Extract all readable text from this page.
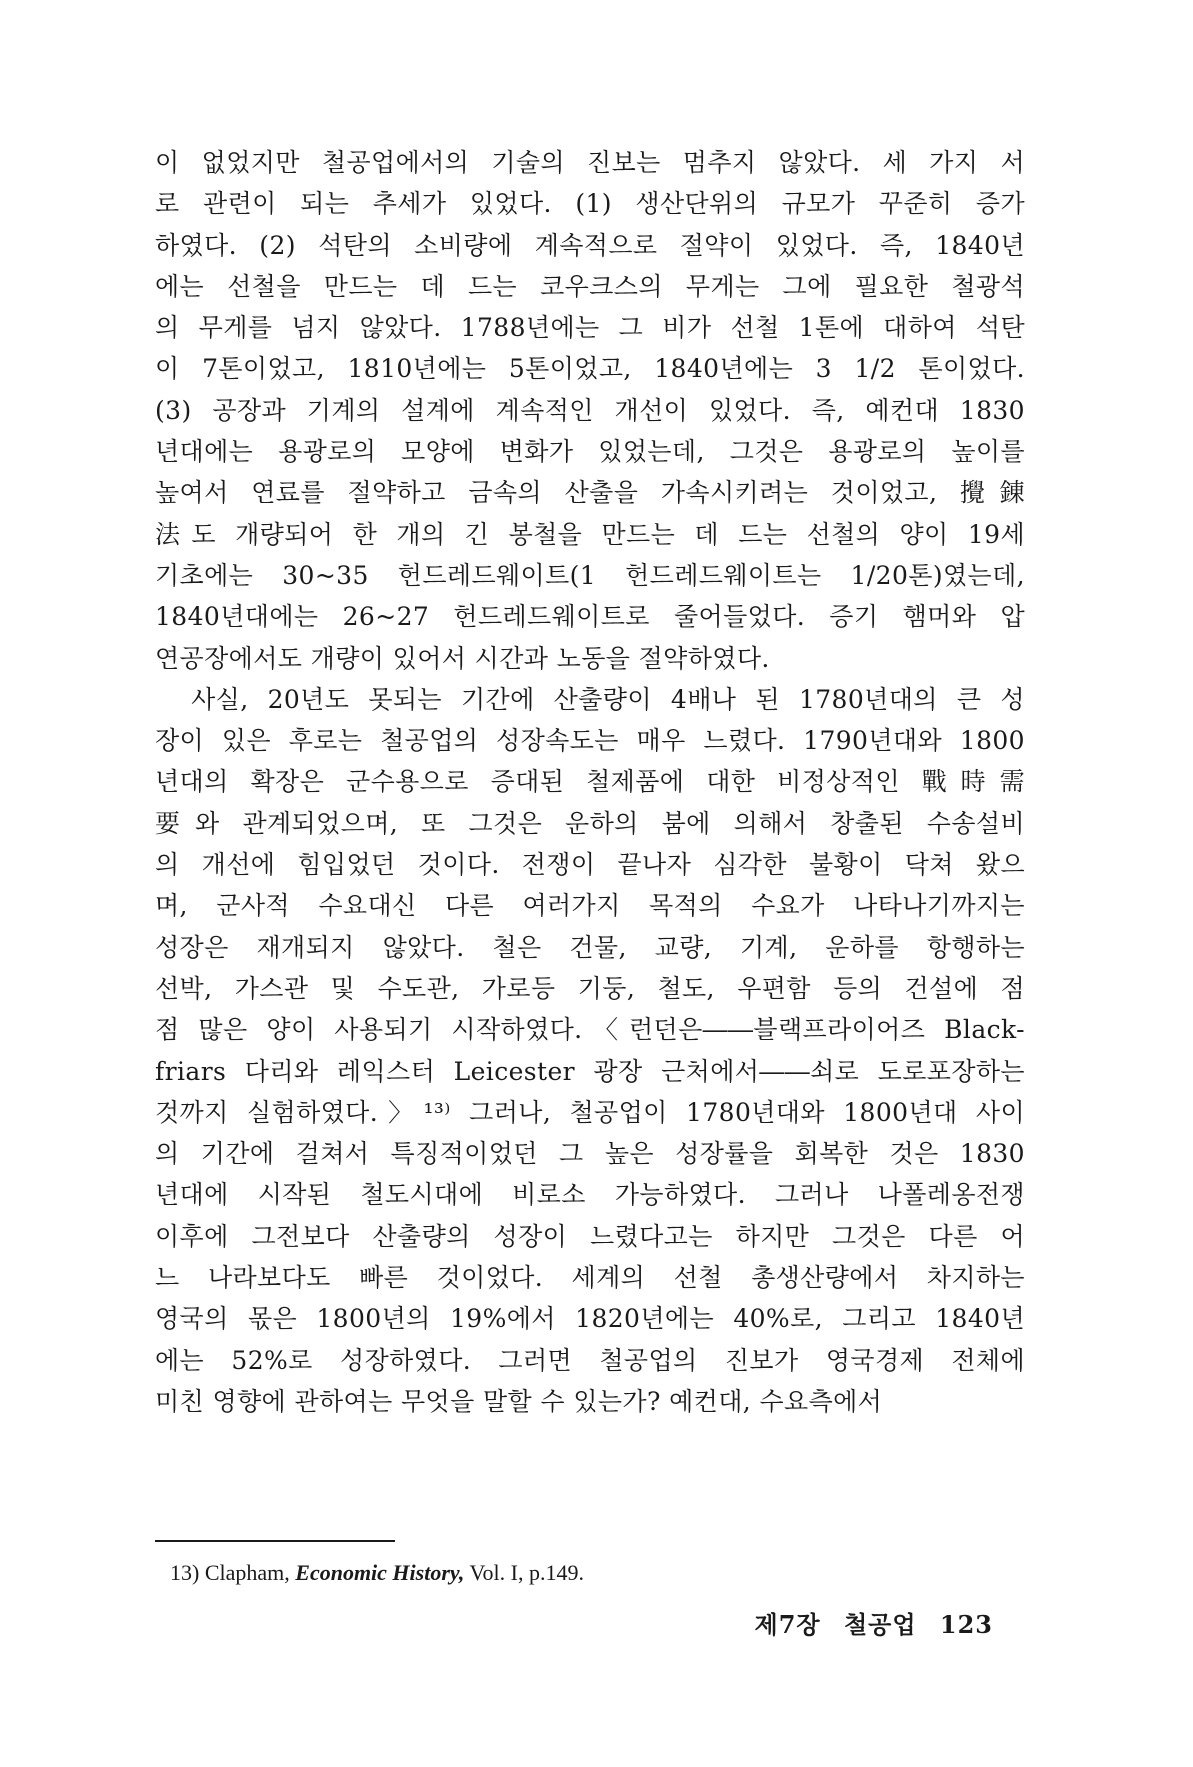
이 없었지만 철공업에서의 기술의 진보는 멈추지 않았다. 세 가지 서
로 관련이 되는 추세가 있었다. (1) 생산단위의 규모가 꾸준히 증가
하였다. (2) 석탄의 소비량에 계속적으로 절약이 있었다. 즉, 1840년
에는 선철을 만드는 데 드는 코우크스의 무게는 그에 필요한 철광석
의 무게를 넘지 않았다. 1788년에는 그 비가 선철 1톤에 대하여 석탄
이 7톤이었고, 1810년에는 5톤이었고, 1840년에는 3 1/2 톤이었다.
(3) 공장과 기계의 설계에 계속적인 개선이 있었다. 즉, 예컨대 1830
년대에는 용광로의 모양에 변화가 있었는데, 그것은 용광로의 높이를
높여서 연료를 절약하고 금속의 산출을 가속시키려는 것이었고, 攪錬
法도 개량되어 한 개의 긴 봉철을 만드는 데 드는 선철의 양이 19세
기초에는 30~35 헌드레드웨이트(1 헌드레드웨이트는 1/20톤)였는데,
1840년대에는 26~27 헌드레드웨이트로 줄어들었다. 증기 햄머와 압
연공장에서도 개량이 있어서 시간과 노동을 절약하였다.
　사실, 20년도 못되는 기간에 산출량이 4배나 된 1780년대의 큰 성
장이 있은 후로는 철공업의 성장속도는 매우 느렸다. 1790년대와 1800
년대의 확장은 군수용으로 증대된 철제품에 대한 비정상적인 戰時需
要와 관계되었으며, 또 그것은 운하의 붐에 의해서 창출된 수송설비
의 개선에 힘입었던 것이다. 전쟁이 끝나자 심각한 불황이 닥쳐 왔으
며, 군사적 수요대신 다른 여러가지 목적의 수요가 나타나기까지는
성장은 재개되지 않았다. 철은 건물, 교량, 기계, 운하를 항행하는
선박, 가스관 및 수도관, 가로등 기둥, 철도, 우편함 등의 건설에 점
점 많은 양이 사용되기 시작하였다.〈런던은――블랙프라이어즈 Black-
friars 다리와 레익스터 Leicester 광장 근처에서――쇠로 도로포장하는
것까지 실험하였다.〉¹³⁾ 그러나, 철공업이 1780년대와 1800년대 사이
의 기간에 걸쳐서 특징적이었던 그 높은 성장률을 회복한 것은 1830
년대에 시작된 철도시대에 비로소 가능하였다. 그러나 나폴레옹전쟁
이후에 그전보다 산출량의 성장이 느렸다고는 하지만 그것은 다른 어
느 나라보다도 빠른 것이었다. 세계의 선철 총생산량에서 차지하는
영국의 몫은 1800년의 19%에서 1820년에는 40%로, 그리고 1840년
에는 52%로 성장하였다. 그러면 철공업의 진보가 영국경제 전체에
미친 영향에 관하여는 무엇을 말할 수 있는가? 예컨대, 수요측에서
13) Clapham, Economic History, Vol. I, p.149.
제7장 철공업 123
